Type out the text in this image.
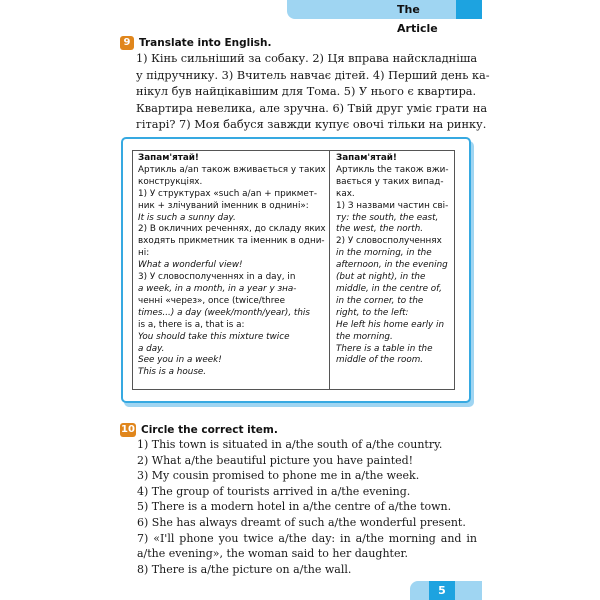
The Article
9 Translate into English.
1) Кінь сильніший за собаку. 2) Ця вправа найскладніша
у підручнику. 3) Вчитель навчає дітей. 4) Перший день ка-
нікул був найцікавішим для Тома. 5) У нього є квартира.
Квартира невелика, але зручна. 6) Твій друг уміє грати на
гітарі? 7) Моя бабуся завжди купує овочі тільки на ринку.
Запам'ятай!
Артикль a/an також вживається у таких
конструкціях.
1) У структурах «such a/an + прикмет-
ник + злічуваний іменник в однині»:
It is such a sunny day.
2) В окличних реченнях, до складу яких
входять прикметник та іменник в одни-
ні:
What a wonderful view!
3) У словосполученнях in a day, in
a week, in a month, in a year у зна-
ченні «через», once (twice/three
times...) a day (week/month/year), this
is a, there is a, that is a:
You should take this mixture twice
a day.
See you in a week!
This is a house.
Запам'ятай!
Артикль the також вжи-
вається у таких випад-
ках.
1) З назвами частин сві-
ту: the south, the east,
the west, the north.
2) У словосполученнях
in the morning, in the
afternoon, in the evening
(but at night), in the
middle, in the centre of,
in the corner, to the
right, to the left:
He left his home early in
the morning.
There is a table in the
middle of the room.
10 Circle the correct item.
1) This town is situated in a/the south of a/the country.
2) What a/the beautiful picture you have painted!
3) My cousin promised to phone me in a/the week.
4) The group of tourists arrived in a/the evening.
5) There is a modern hotel in a/the centre of a/the town.
6) She has always dreamt of such a/the wonderful present.
7) «I'll phone you twice a/the day: in a/the morning and in a/the evening», the woman said to her daughter.
8) There is a/the picture on a/the wall.
5
